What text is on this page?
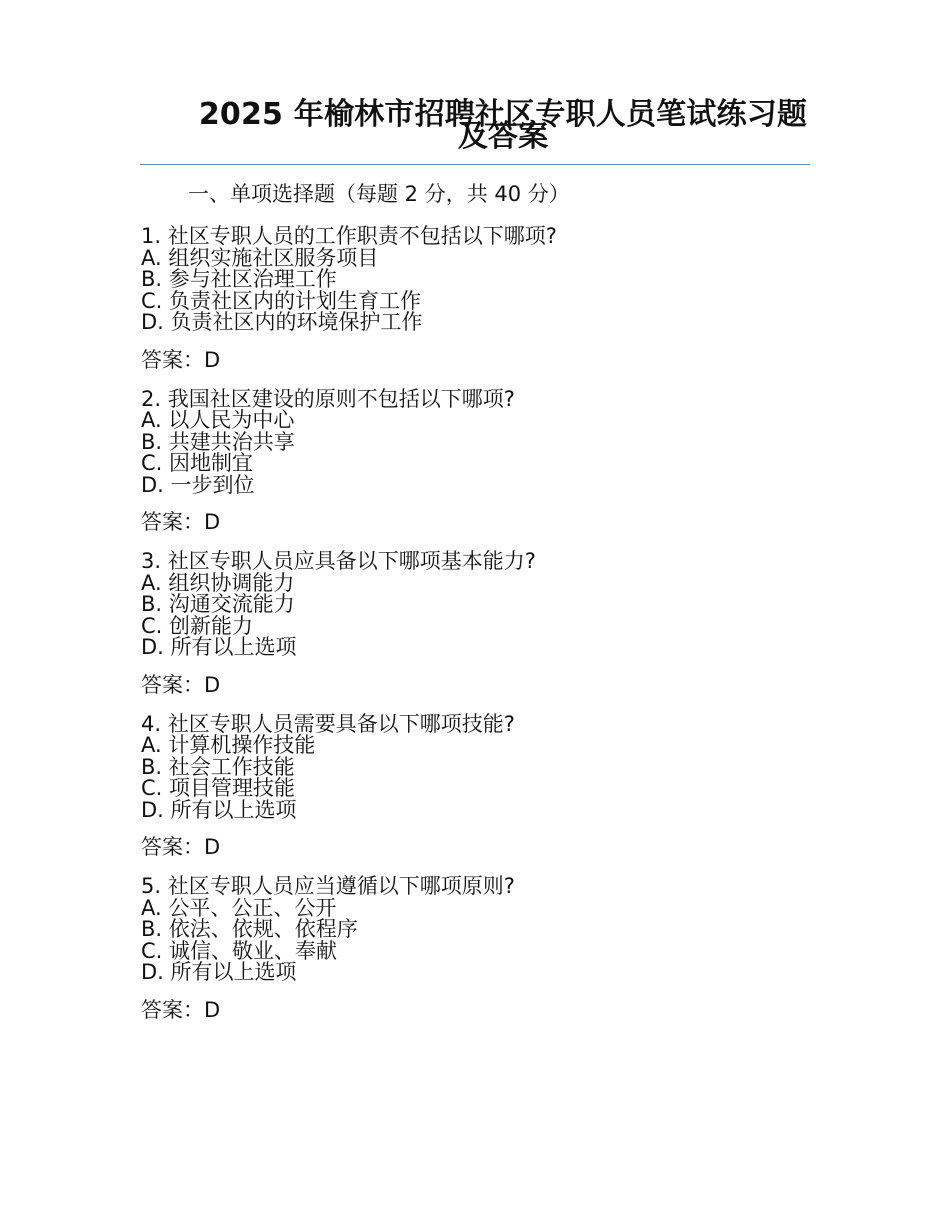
2025 年榆林市招聘社区专职人员笔试练习题及答案

一、单项选择题（每题 2 分，共 40 分）

1. 社区专职人员的工作职责不包括以下哪项?

A. 组织实施社区服务项目
B. 参与社区治理工作
C. 负责社区内的计划生育工作
D. 负责社区内的环境保护工作

答案：D

2. 我国社区建设的原则不包括以下哪项?

A. 以人民为中心
B. 共建共治共享
C. 因地制宜
D. 一步到位

答案：D

3. 社区专职人员应具备以下哪项基本能力?

A. 组织协调能力
B. 沟通交流能力
C. 创新能力
D. 所有以上选项

答案：D

4. 社区专职人员需要具备以下哪项技能?

A. 计算机操作技能
B. 社会工作技能
C. 项目管理技能
D. 所有以上选项

答案：D

5. 社区专职人员应当遵循以下哪项原则?

A. 公平、公正、公开
B. 依法、依规、依程序
C. 诚信、敬业、奉献
D. 所有以上选项

答案：D
